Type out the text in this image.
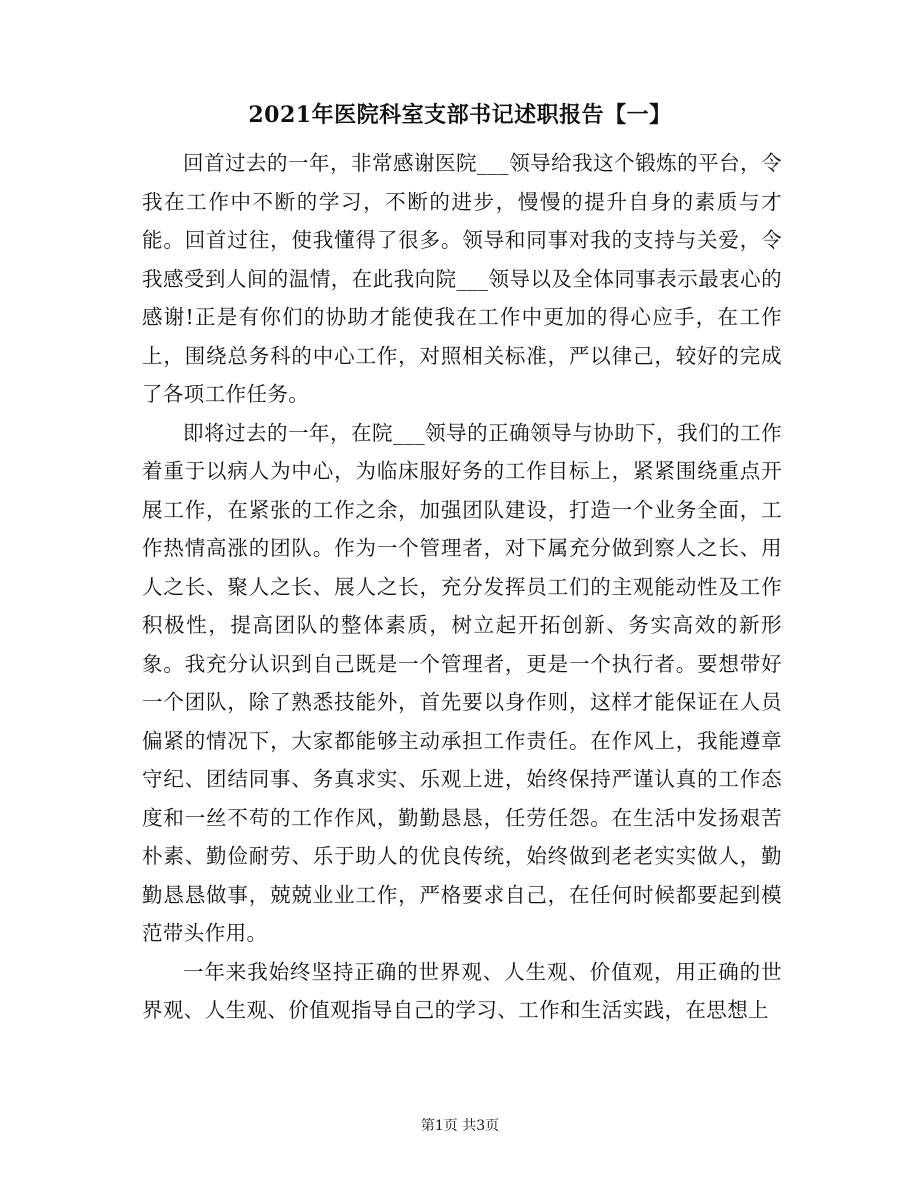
2021年医院科室支部书记述职报告【一】

回首过去的一年，非常感谢医院___领导给我这个锻炼的平台，令我在工作中不断的学习，不断的进步，慢慢的提升自身的素质与才能。回首过往，使我懂得了很多。领导和同事对我的支持与关爱，令我感受到人间的温情，在此我向院___领导以及全体同事表示最衷心的感谢!正是有你们的协助才能使我在工作中更加的得心应手，在工作上，围绕总务科的中心工作，对照相关标准，严以律己，较好的完成了各项工作任务。

即将过去的一年，在院___领导的正确领导与协助下，我们的工作着重于以病人为中心，为临床服好务的工作目标上，紧紧围绕重点开展工作，在紧张的工作之余，加强团队建设，打造一个业务全面，工作热情高涨的团队。作为一个管理者，对下属充分做到察人之长、用人之长、聚人之长、展人之长，充分发挥员工们的主观能动性及工作积极性，提高团队的整体素质，树立起开拓创新、务实高效的新形象。我充分认识到自己既是一个管理者，更是一个执行者。要想带好一个团队，除了熟悉技能外，首先要以身作则，这样才能保证在人员偏紧的情况下，大家都能够主动承担工作责任。在作风上，我能遵章守纪、团结同事、务真求实、乐观上进，始终保持严谨认真的工作态度和一丝不苟的工作作风，勤勤恳恳，任劳任怨。在生活中发扬艰苦朴素、勤俭耐劳、乐于助人的优良传统，始终做到老老实实做人，勤勤恳恳做事，兢兢业业工作，严格要求自己，在任何时候都要起到模范带头作用。

一年来我始终坚持正确的世界观、人生观、价值观，用正确的世界观、人生观、价值观指导自己的学习、工作和生活实践，在思想上

第1页 共3页
